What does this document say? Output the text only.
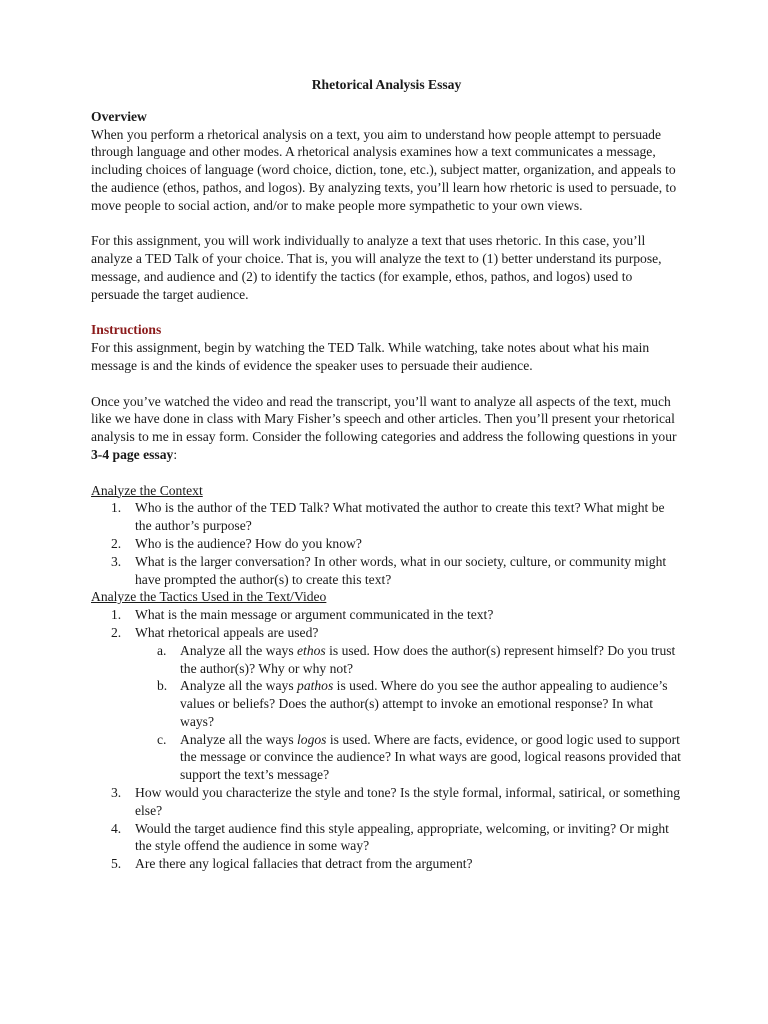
Rhetorical Analysis Essay
Overview

When you perform a rhetorical analysis on a text, you aim to understand how people attempt to persuade through language and other modes. A rhetorical analysis examines how a text communicates a message, including choices of language (word choice, diction, tone, etc.), subject matter, organization, and appeals to the audience (ethos, pathos, and logos). By analyzing texts, you’ll learn how rhetoric is used to persuade, to move people to social action, and/or to make people more sympathetic to your own views.

For this assignment, you will work individually to analyze a text that uses rhetoric. In this case, you’ll analyze a TED Talk of your choice. That is, you will analyze the text to (1) better understand its purpose, message, and audience and (2) to identify the tactics (for example, ethos, pathos, and logos) used to persuade the target audience.

Instructions

For this assignment, begin by watching the TED Talk. While watching, take notes about what his main message is and the kinds of evidence the speaker uses to persuade their audience.

Once you’ve watched the video and read the transcript, you’ll want to analyze all aspects of the text, much like we have done in class with Mary Fisher’s speech and other articles. Then you’ll present your rhetorical analysis to me in essay form. Consider the following categories and address the following questions in your 3-4 page essay:

Analyze the Context
1. Who is the author of the TED Talk? What motivated the author to create this text? What might be the author’s purpose?
2. Who is the audience? How do you know?
3. What is the larger conversation? In other words, what in our society, culture, or community might have prompted the author(s) to create this text?
Analyze the Tactics Used in the Text/Video
1. What is the main message or argument communicated in the text?
2. What rhetorical appeals are used?
a. Analyze all the ways ethos is used. How does the author(s) represent himself? Do you trust the author(s)? Why or why not?
b. Analyze all the ways pathos is used. Where do you see the author appealing to audience’s values or beliefs? Does the author(s) attempt to invoke an emotional response? In what ways?
c. Analyze all the ways logos is used. Where are facts, evidence, or good logic used to support the message or convince the audience? In what ways are good, logical reasons provided that support the text’s message?
3. How would you characterize the style and tone? Is the style formal, informal, satirical, or something else?
4. Would the target audience find this style appealing, appropriate, welcoming, or inviting? Or might the style offend the audience in some way?
5. Are there any logical fallacies that detract from the argument?
